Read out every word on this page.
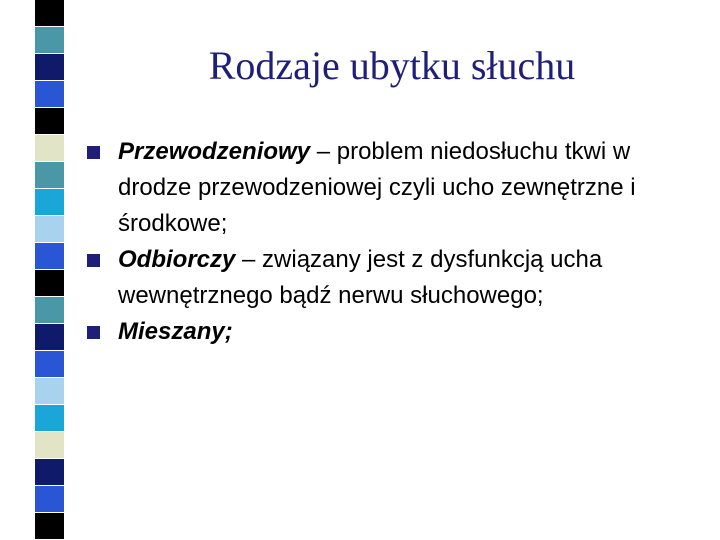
Rodzaje ubytku słuchu
Przewodzeniowy – problem niedosłuchu tkwi w drodze przewodzeniowej czyli ucho zewnętrzne i środkowe;
Odbiorczy – związany jest z dysfunkcją ucha wewnętrznego bądź nerwu słuchowego;
Mieszany;
